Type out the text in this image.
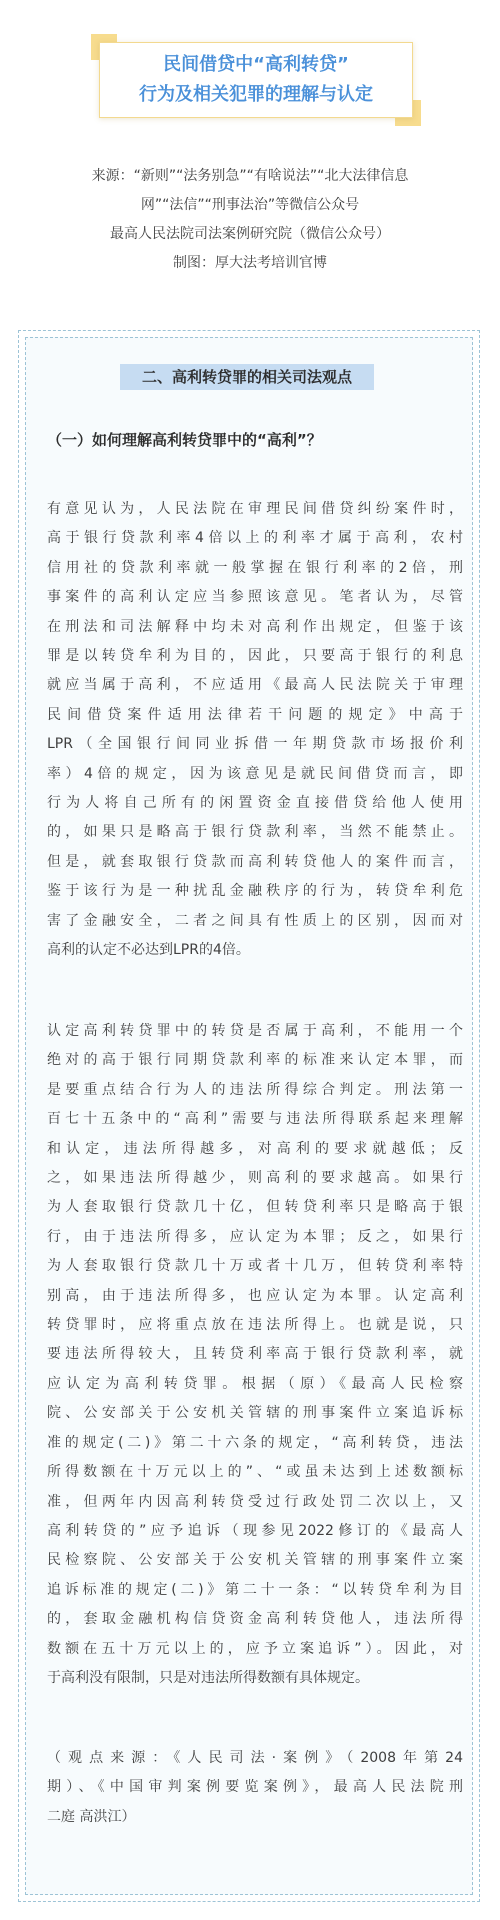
民间借贷中“高利转贷”
行为及相关犯罪的理解与认定
来源：“新则”“法务别急”“有啥说法”“北大法律信息
网”“法信”“刑事法治”等微信公众号
最高人民法院司法案例研究院（微信公众号）
制图：厚大法考培训官博
二、高利转贷罪的相关司法观点
（一）如何理解高利转贷罪中的“高利”？
有意见认为，人民法院在审理民间借贷纠纷案件时，
高于银行贷款利率4倍以上的利率才属于高利，农村
信用社的贷款利率就一般掌握在银行利率的2倍，刑
事案件的高利认定应当参照该意见。笔者认为，尽管
在刑法和司法解释中均未对高利作出规定，但鉴于该
罪是以转贷牟利为目的，因此，只要高于银行的利息
就应当属于高利，不应适用《最高人民法院关于审理
民间借贷案件适用法律若干问题的规定》中高于
LPR（全国银行间同业拆借一年期贷款市场报价利
率）4倍的规定，因为该意见是就民间借贷而言，即
行为人将自己所有的闲置资金直接借贷给他人使用
的，如果只是略高于银行贷款利率，当然不能禁止。
但是，就套取银行贷款而高利转贷他人的案件而言，
鉴于该行为是一种扰乱金融秩序的行为，转贷牟利危
害了金融安全，二者之间具有性质上的区别，因而对
高利的认定不必达到LPR的4倍。
认定高利转贷罪中的转贷是否属于高利，不能用一个
绝对的高于银行同期贷款利率的标准来认定本罪，而
是要重点结合行为人的违法所得综合判定。刑法第一
百七十五条中的“高利”需要与违法所得联系起来理解
和认定，违法所得越多，对高利的要求就越低；反
之，如果违法所得越少，则高利的要求越高。如果行
为人套取银行贷款几十亿，但转贷利率只是略高于银
行，由于违法所得多，应认定为本罪；反之，如果行
为人套取银行贷款几十万或者十几万，但转贷利率特
别高，由于违法所得多，也应认定为本罪。认定高利
转贷罪时，应将重点放在违法所得上。也就是说，只
要违法所得较大，且转贷利率高于银行贷款利率，就
应认定为高利转贷罪。根据（原）《最高人民检察
院、公安部关于公安机关管辖的刑事案件立案追诉标
准的规定(二)》第二十六条的规定，“高利转贷，违法
所得数额在十万元以上的”、“或虽未达到上述数额标
准，但两年内因高利转贷受过行政处罚二次以上，又
高利转贷的”应予追诉（现参见2022修订的《最高人
民检察院、公安部关于公安机关管辖的刑事案件立案
追诉标准的规定(二)》第二十一条：“以转贷牟利为目
的，套取金融机构信贷资金高利转贷他人，违法所得
数额在五十万元以上的，应予立案追诉”）。因此，对
于高利没有限制，只是对违法所得数额有具体规定。
（观点来源：《人民司法·案例》（2008年第24
期）、《中国审判案例要览案例》，最高人民法院刑
二庭 高洪江）
